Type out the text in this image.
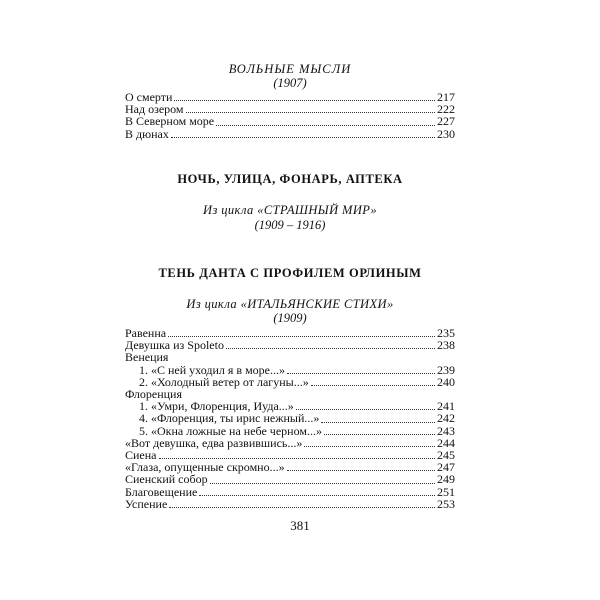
ВОЛЬНЫЕ МЫСЛИ
(1907)
О смерти	217
Над озером	222
В Северном море	227
В дюнах	230
НОЧЬ, УЛИЦА, ФОНАРЬ, АПТЕКА
Из цикла «СТРАШНЫЙ МИР»
(1909 – 1916)
ТЕНЬ ДАНТА С ПРОФИЛЕМ ОРЛИНЫМ
Из цикла «ИТАЛЬЯНСКИЕ СТИХИ»
(1909)
Равенна	235
Девушка из Spoleto	238
Венеция
1. «С ней уходил я в море...»	239
2. «Холодный ветер от лагуны...»	240
Флоренция
1. «Умри, Флоренция, Иуда...»	241
4. «Флоренция, ты ирис нежный...»	242
5. «Окна ложные на небе черном...»	243
«Вот девушка, едва развившись...»	244
Сиена	245
«Глаза, опущенные скромно...»	247
Сиенский собор	249
Благовещение	251
Успение	253
381
